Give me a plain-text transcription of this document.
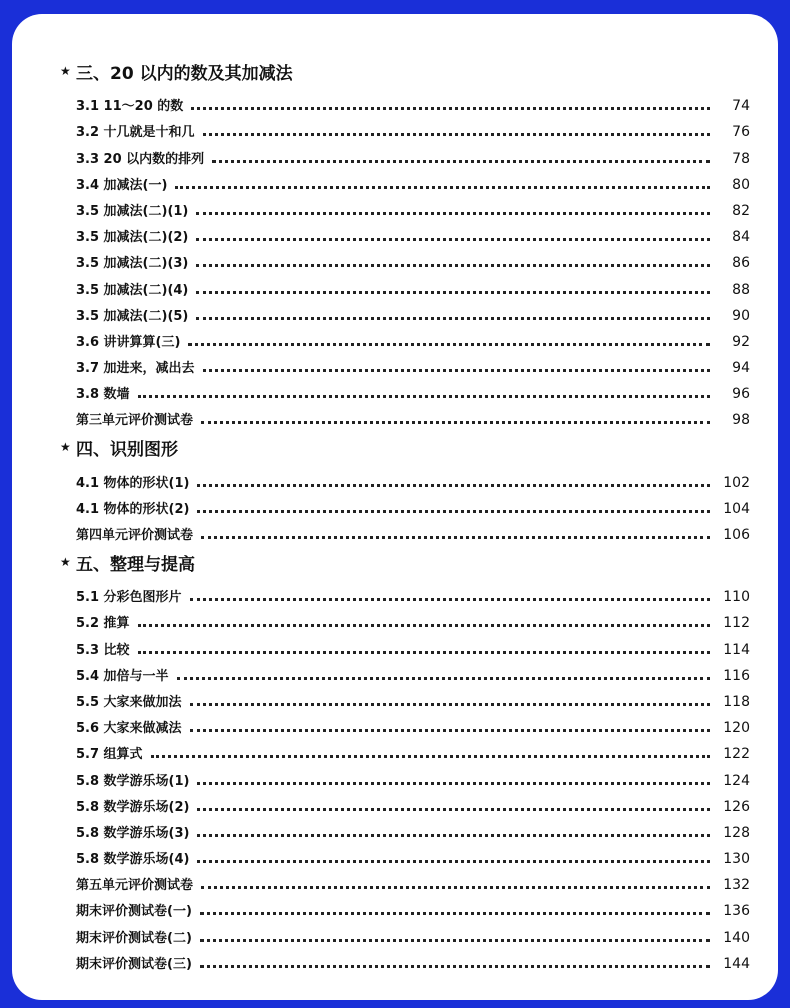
★ 三、20 以内的数及其加减法
3.1 11～20 的数	74
3.2 十几就是十和几	76
3.3 20 以内数的排列	78
3.4 加减法(一)	80
3.5 加减法(二)(1)	82
3.5 加减法(二)(2)	84
3.5 加减法(二)(3)	86
3.5 加减法(二)(4)	88
3.5 加减法(二)(5)	90
3.6 讲讲算算(三)	92
3.7 加进来，减出去	94
3.8 数墙	96
第三单元评价测试卷	98
★ 四、识别图形
4.1 物体的形状(1)	102
4.1 物体的形状(2)	104
第四单元评价测试卷	106
★ 五、整理与提高
5.1 分彩色图形片	110
5.2 推算	112
5.3 比较	114
5.4 加倍与一半	116
5.5 大家来做加法	118
5.6 大家来做减法	120
5.7 组算式	122
5.8 数学游乐场(1)	124
5.8 数学游乐场(2)	126
5.8 数学游乐场(3)	128
5.8 数学游乐场(4)	130
第五单元评价测试卷	132
期末评价测试卷(一)	136
期末评价测试卷(二)	140
期末评价测试卷(三)	144
